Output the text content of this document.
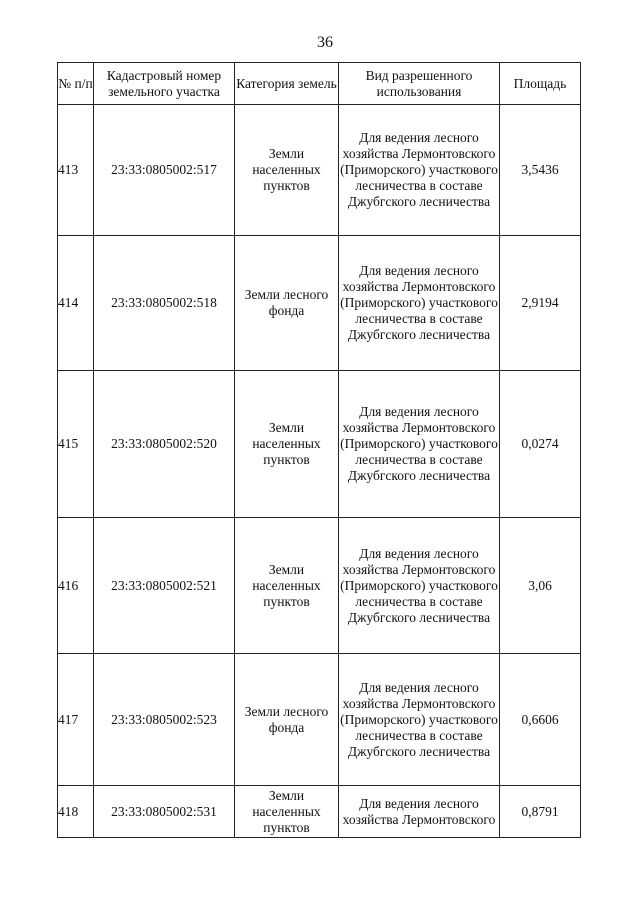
36
№ п/п	Кадастровый номер земельного участка	Категория земель	Вид разрешенного использования	Площадь
413	23:33:0805002:517	Земли населенных пунктов	Для ведения лесного хозяйства Лермонтовского (Приморского) участкового лесничества в составе Джубгского лесничества	3,5436
414	23:33:0805002:518	Земли лесного фонда	Для ведения лесного хозяйства Лермонтовского (Приморского) участкового лесничества в составе Джубгского лесничества	2,9194
415	23:33:0805002:520	Земли населенных пунктов	Для ведения лесного хозяйства Лермонтовского (Приморского) участкового лесничества в составе Джубгского лесничества	0,0274
416	23:33:0805002:521	Земли населенных пунктов	Для ведения лесного хозяйства Лермонтовского (Приморского) участкового лесничества в составе Джубгского лесничества	3,06
417	23:33:0805002:523	Земли лесного фонда	Для ведения лесного хозяйства Лермонтовского (Приморского) участкового лесничества в составе Джубгского лесничества	0,6606
418	23:33:0805002:531	Земли населенных пунктов	Для ведения лесного хозяйства Лермонтовского	0,8791
